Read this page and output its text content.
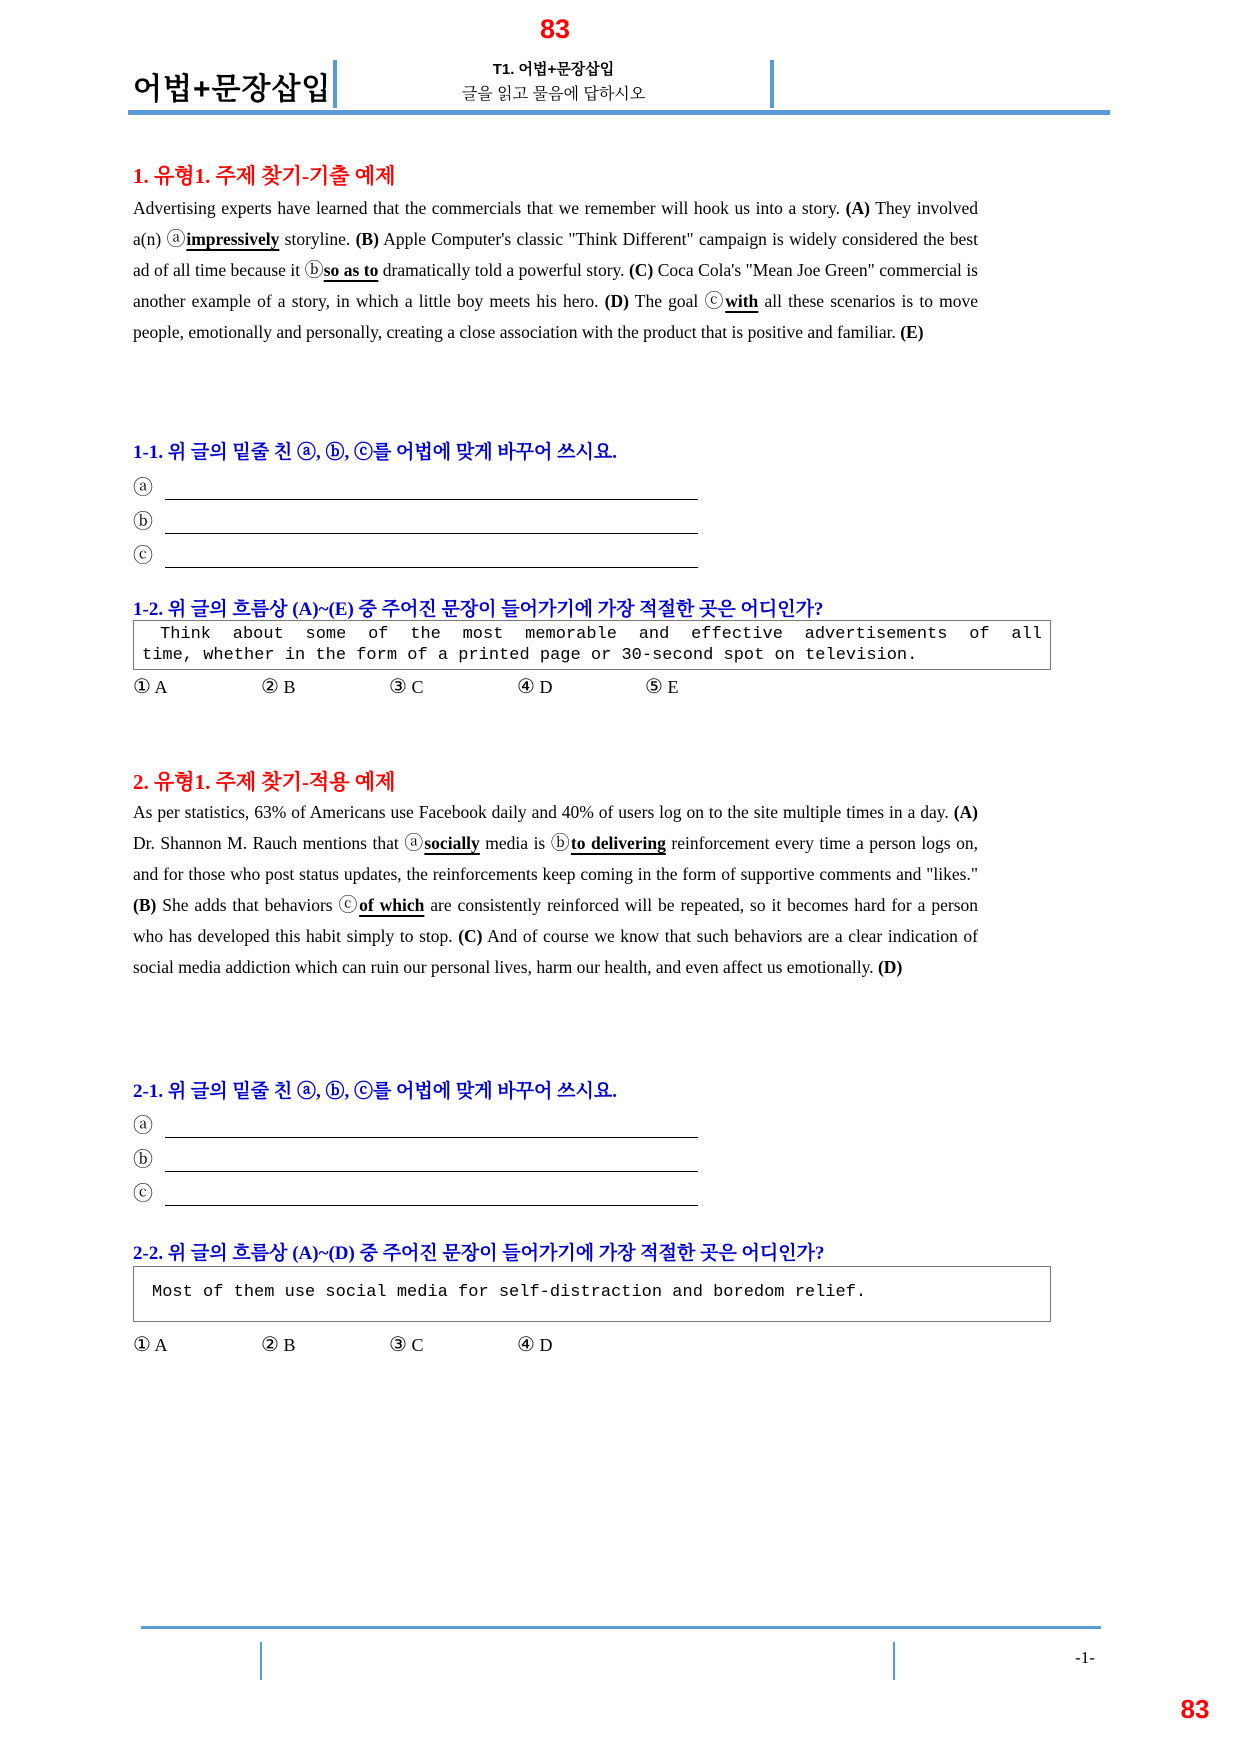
83
어법+문장삽입
T1. 어법+문장삽입
글을 읽고 물음에 답하시오
1. 유형1. 주제 찾기-기출 예제
Advertising experts have learned that the commercials that we remember will hook us into a story. (A) They involved a(n) ⓐimpressively storyline. (B) Apple Computer's classic "Think Different" campaign is widely considered the best ad of all time because it ⓑso as to dramatically told a powerful story. (C) Coca Cola's "Mean Joe Green" commercial is another example of a story, in which a little boy meets his hero. (D) The goal ⓒwith all these scenarios is to move people, emotionally and personally, creating a close association with the product that is positive and familiar. (E)
1-1. 위 글의 밑줄 친 ⓐ, ⓑ, ⓒ를 어법에 맞게 바꾸어 쓰시요.
ⓐ
ⓑ
ⓒ
1-2. 위 글의 흐름상 (A)~(E) 중 주어진 문장이 들어가기에 가장 적절한 곳은 어디인가?
Think about some of the most memorable and effective advertisements of all
time, whether in the form of a printed page or 30-second spot on television.
① A	② B	③ C	④ D	⑤ E
2. 유형1. 주제 찾기-적용 예제
As per statistics, 63% of Americans use Facebook daily and 40% of users log on to the site multiple times in a day. (A) Dr. Shannon M. Rauch mentions that ⓐsocially media is ⓑto delivering reinforcement every time a person logs on, and for those who post status updates, the reinforcements keep coming in the form of supportive comments and "likes." (B) She adds that behaviors ⓒof which are consistently reinforced will be repeated, so it becomes hard for a person who has developed this habit simply to stop. (C) And of course we know that such behaviors are a clear indication of social media addiction which can ruin our personal lives, harm our health, and even affect us emotionally. (D)
2-1. 위 글의 밑줄 친 ⓐ, ⓑ, ⓒ를 어법에 맞게 바꾸어 쓰시요.
ⓐ
ⓑ
ⓒ
2-2. 위 글의 흐름상 (A)~(D) 중 주어진 문장이 들어가기에 가장 적절한 곳은 어디인가?
Most of them use social media for self-distraction and boredom relief.
① A	② B	③ C	④ D
-1-
83
